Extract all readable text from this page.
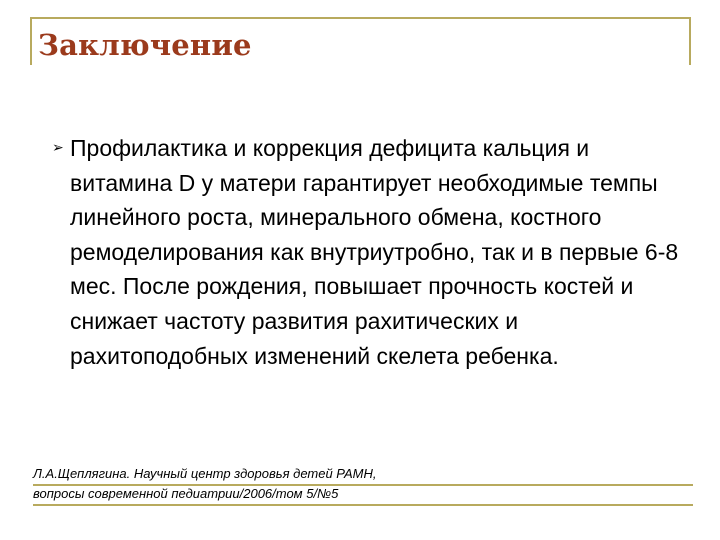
Заключение
➢ Профилактика и коррекция дефицита кальция и витамина D у матери гарантирует необходимые темпы линейного роста, минерального обмена, костного ремоделирования как внутриутробно, так и в первые 6-8 мес. После рождения, повышает прочность костей и снижает частоту развития рахитических и рахитоподобных изменений скелета ребенка.

Л.А.Щеплягина. Научный центр здоровья детей РАМН,
вопросы современной педиатрии/2006/том 5/№5
